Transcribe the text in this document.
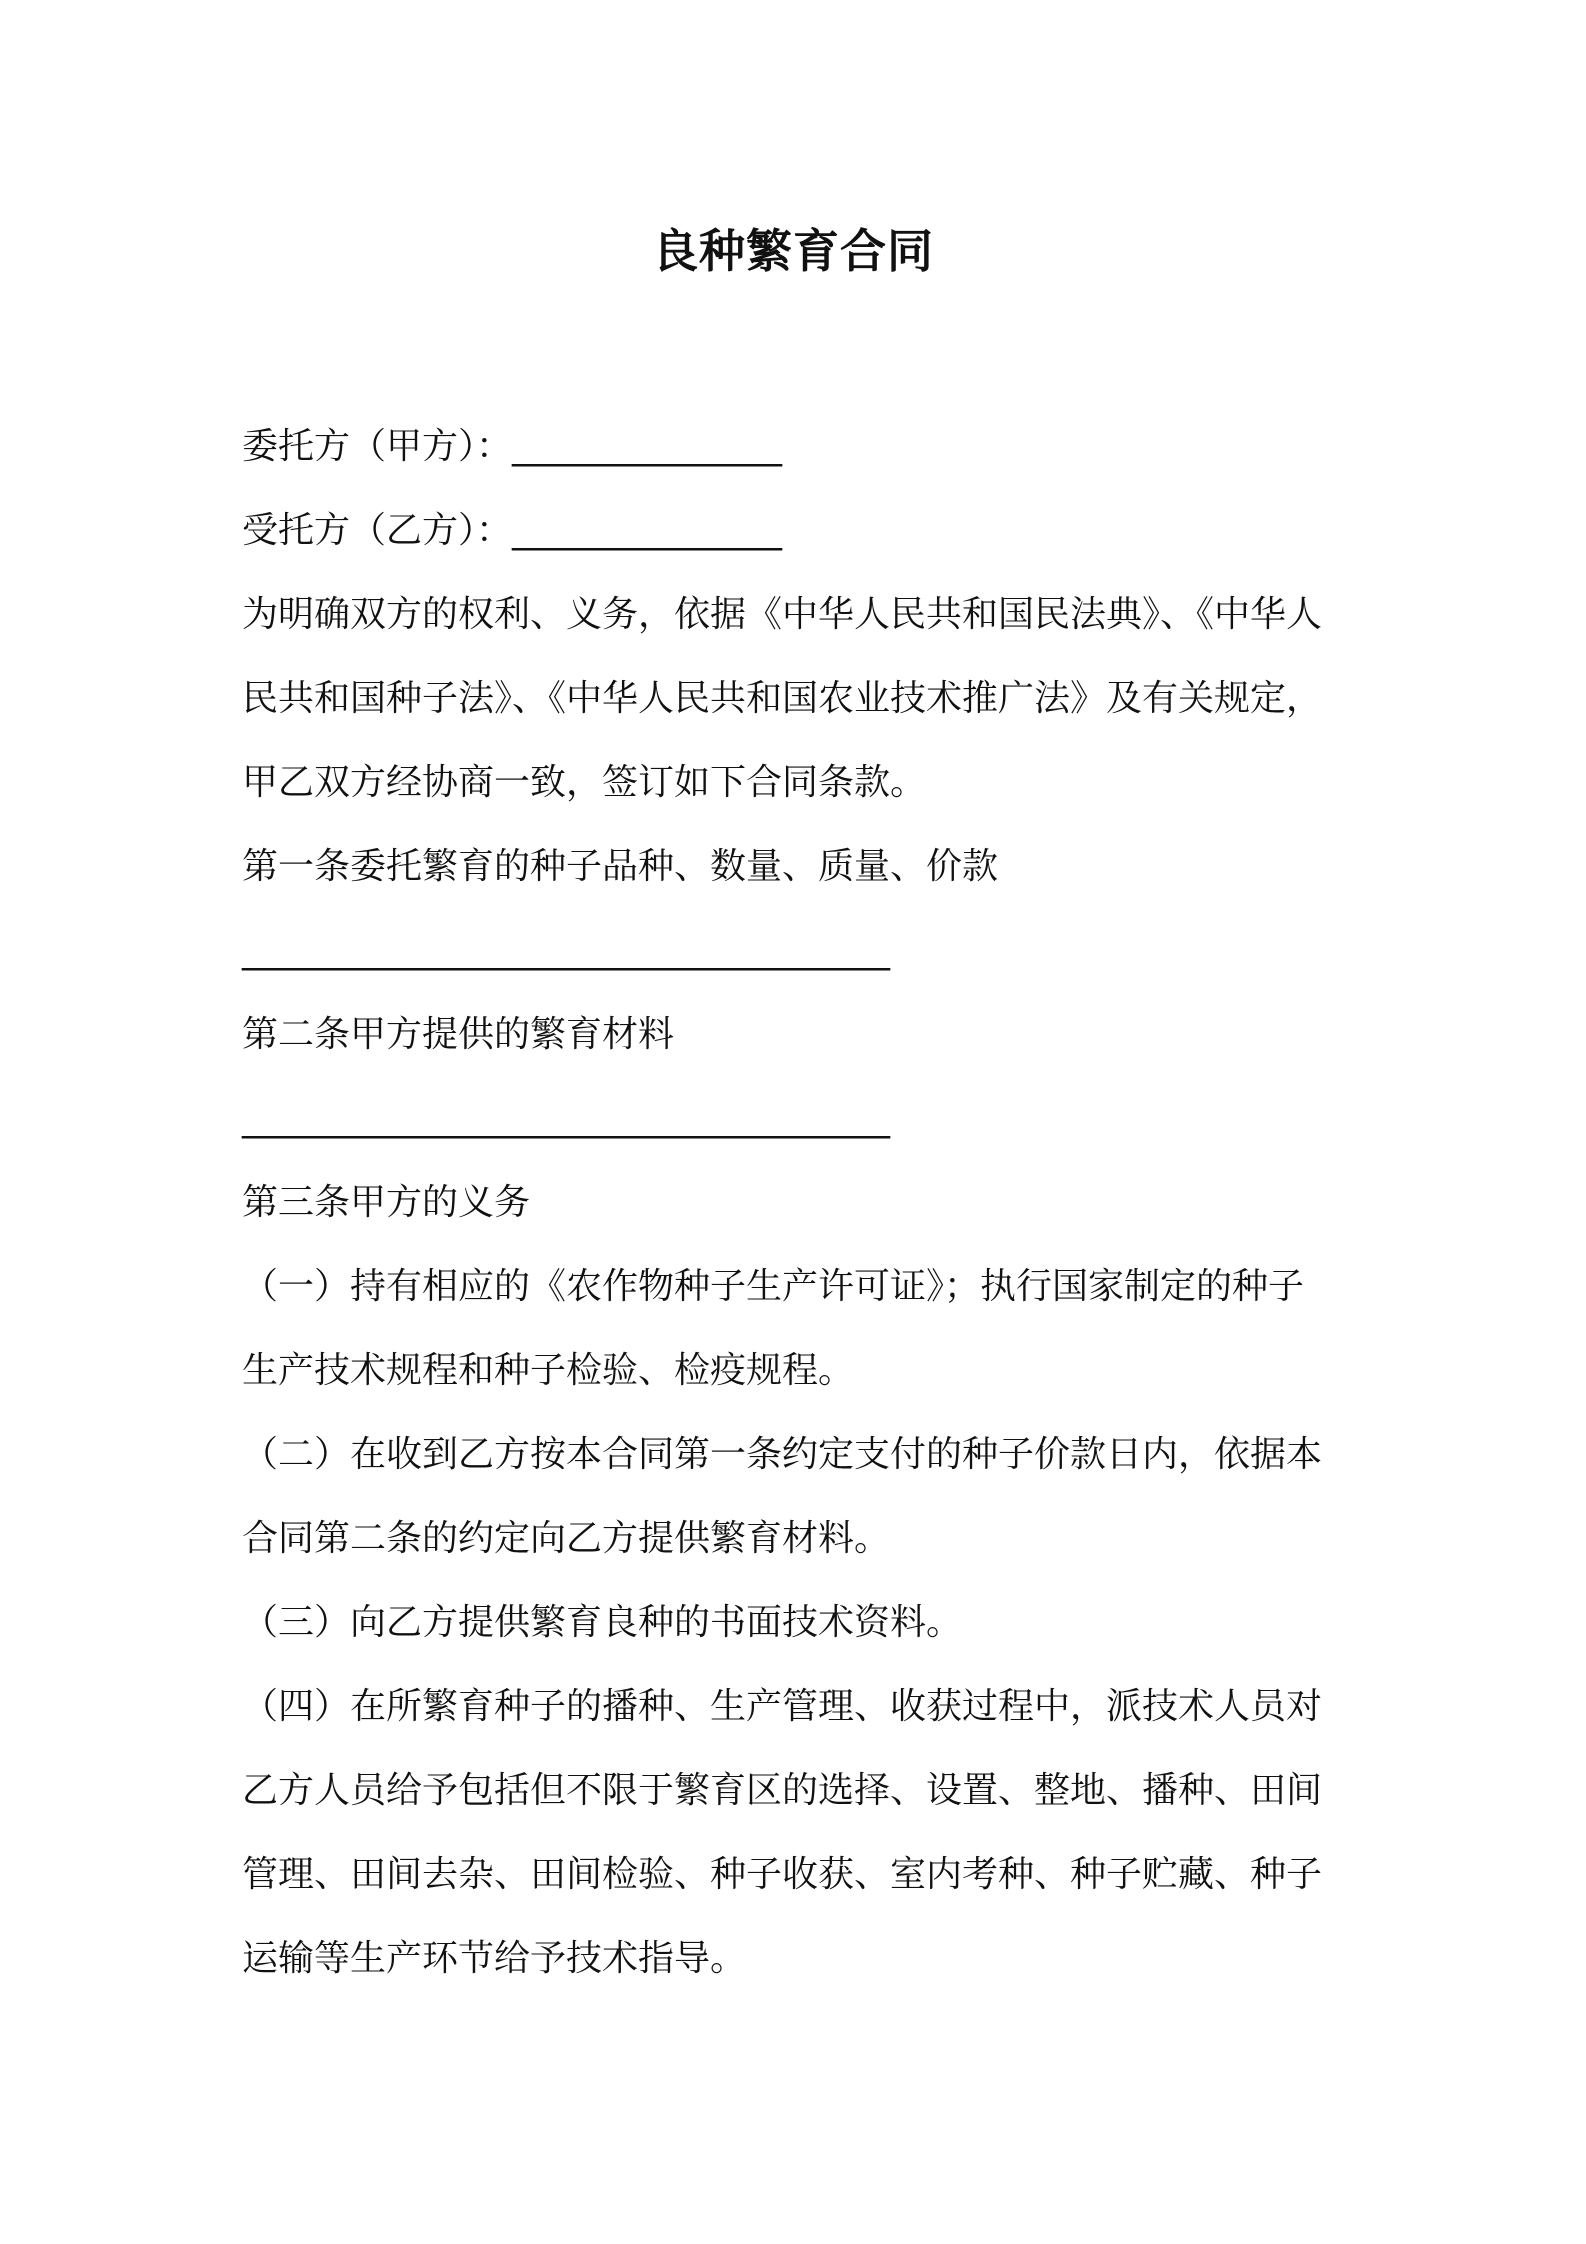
良种繁育合同
委托方（甲方）：_______________
受托方（乙方）：_______________
为明确双方的权利、义务，依据《中华人民共和国民法典》、《中华人
民共和国种子法》、《中华人民共和国农业技术推广法》及有关规定，
甲乙双方经协商一致，签订如下合同条款。
第一条委托繁育的种子品种、数量、质量、价款
____________________________________
第二条甲方提供的繁育材料
____________________________________
第三条甲方的义务
（一）持有相应的《农作物种子生产许可证》；执行国家制定的种子
生产技术规程和种子检验、检疫规程。
（二）在收到乙方按本合同第一条约定支付的种子价款日内，依据本
合同第二条的约定向乙方提供繁育材料。
（三）向乙方提供繁育良种的书面技术资料。
（四）在所繁育种子的播种、生产管理、收获过程中，派技术人员对
乙方人员给予包括但不限于繁育区的选择、设置、整地、播种、田间
管理、田间去杂、田间检验、种子收获、室内考种、种子贮藏、种子
运输等生产环节给予技术指导。
